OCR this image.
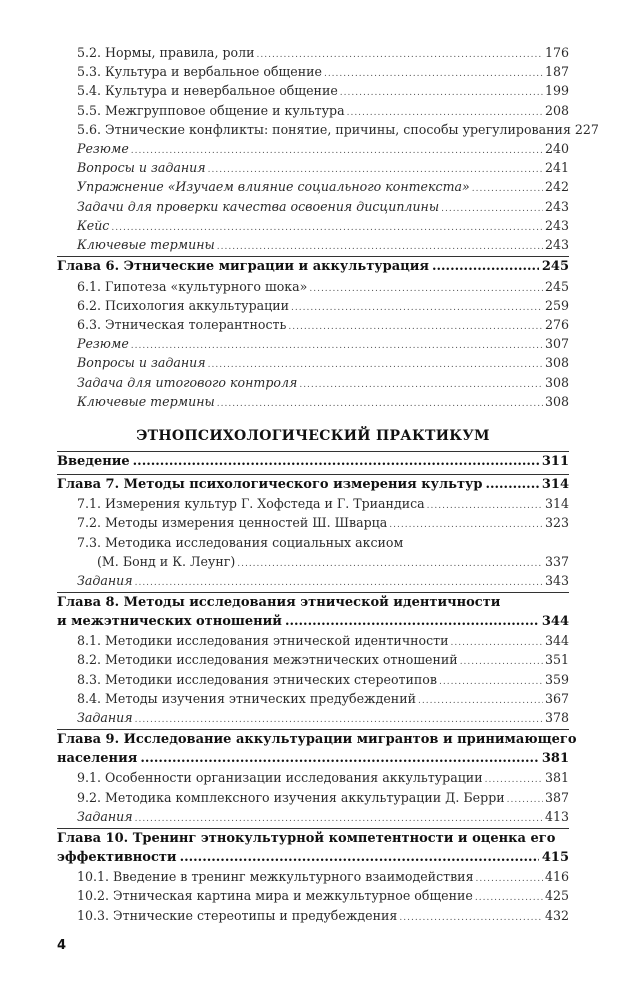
5.2. Нормы, правила, роли .....	176
5.3. Культура и вербальное общение .....	187
5.4. Культура и невербальное общение .....	199
5.5. Межгрупповое общение и культура .....	208
5.6. Этнические конфликты: понятие, причины, способы урегулирования 227
Резюме .....	240
Вопросы и задания .....	241
Упражнение «Изучаем влияние социального контекста» .....	242
Задачи для проверки качества освоения дисциплины .....	243
Кейс .....	243
Ключевые термины .....	243
Глава 6. Этнические миграции и аккультурация .....	245
6.1. Гипотеза «культурного шока» .....	245
6.2. Психология аккультурации .....	259
6.3. Этническая толерантность .....	276
Резюме .....	307
Вопросы и задания .....	308
Задача для итогового контроля .....	308
Ключевые термины .....	308
ЭТНОПСИХОЛОГИЧЕСКИЙ ПРАКТИКУМ
Введение .....	311
Глава 7. Методы психологического измерения культур .....	314
7.1. Измерения культур Г. Хофстеда и Г. Триандиса .....	314
7.2. Методы измерения ценностей Ш. Шварца .....	323
7.3. Методика исследования социальных аксиом
(М. Бонд и К. Леунг) .....	337
Задания .....	343
Глава 8. Методы исследования этнической идентичности
и межэтнических отношений .....	344
8.1. Методики исследования этнической идентичности .....	344
8.2. Методики исследования межэтнических отношений .....	351
8.3. Методики исследования этнических стереотипов .....	359
8.4. Методы изучения этнических предубеждений .....	367
Задания .....	378
Глава 9. Исследование аккультурации мигрантов и принимающего
населения .....	381
9.1. Особенности организации исследования аккультурации .....	381
9.2. Методика комплексного изучения аккультурации Д. Берри .....	387
Задания .....	413
Глава 10. Тренинг этнокультурной компетентности и оценка его
эффективности .....	415
10.1. Введение в тренинг межкультурного взаимодействия .....	416
10.2. Этническая картина мира и межкультурное общение .....	425
10.3. Этнические стереотипы и предубеждения .....	432
4
